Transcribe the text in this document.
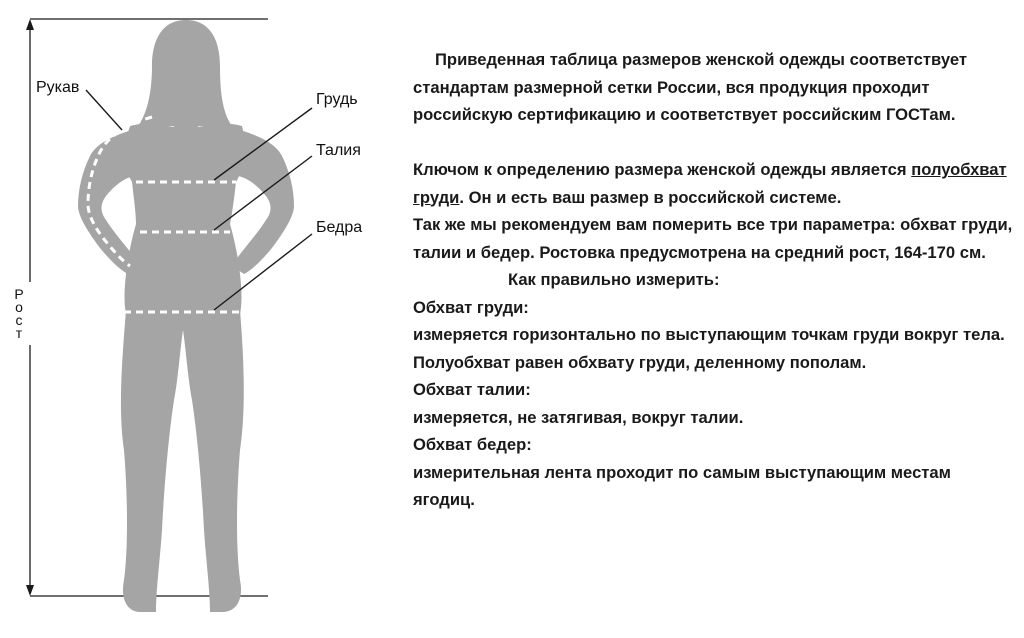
Рукав
Грудь
Талия
Бедра
Р
о
с
т

Приведенная таблица размеров женской одежды соответствует стандартам размерной сетки России, вся продукция проходит российскую сертификацию и соответствует российским ГОСТам.

Ключом к определению размера женской одежды является полуобхват груди. Он и есть ваш размер в российской системе.

Так же мы рекомендуем вам померить все три параметра: обхват груди, талии и бедер. Ростовка предусмотрена на средний рост, 164-170 см.

Как правильно измерить:

Обхват груди:

измеряется горизонтально по выступающим точкам груди вокруг тела. Полуобхват равен обхвату груди, деленному пополам.

Обхват талии:

измеряется, не затягивая, вокруг талии.

Обхват бедер:

измерительная лента проходит по самым выступающим местам ягодиц.
